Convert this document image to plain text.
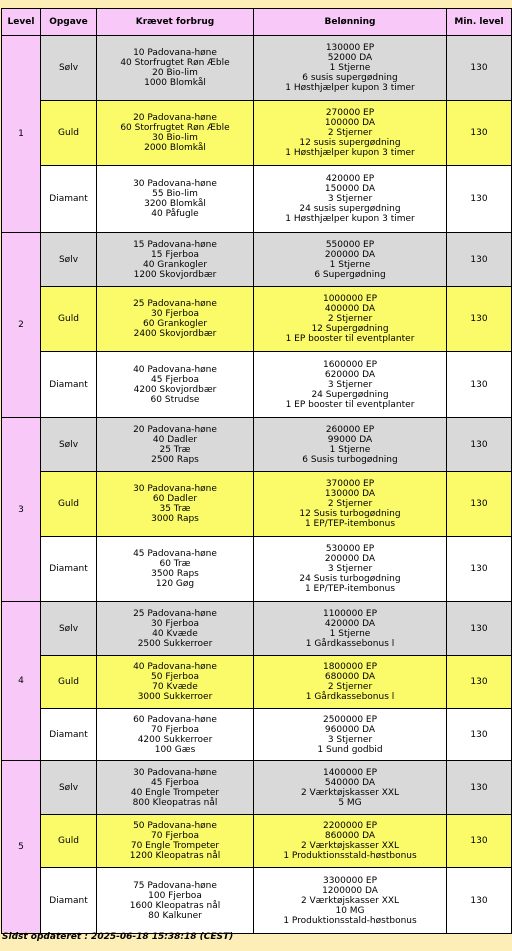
Level	Opgave	Krævet forbrug	Belønning	Min. level
1	Sølv	10 Padovana-høne
40 Storfrugtet Røn Æble
20 Bio-lim
1000 Blomkål	130000 EP
52000 DA
1 Stjerne
6 susis supergødning
1 Høsthjælper kupon 3 timer	130
	Guld	20 Padovana-høne
60 Storfrugtet Røn Æble
30 Bio-lim
2000 Blomkål	270000 EP
100000 DA
2 Stjerner
12 susis supergødning
1 Høsthjælper kupon 3 timer	130
	Diamant	30 Padovana-høne
55 Bio-lim
3200 Blomkål
40 Påfugle	420000 EP
150000 DA
3 Stjerner
24 susis supergødning
1 Høsthjælper kupon 3 timer	130
2	Sølv	15 Padovana-høne
15 Fjerboa
40 Grankogler
1200 Skovjordbær	550000 EP
200000 DA
1 Stjerne
6 Supergødning	130
	Guld	25 Padovana-høne
30 Fjerboa
60 Grankogler
2400 Skovjordbær	1000000 EP
400000 DA
2 Stjerner
12 Supergødning
1 EP booster til eventplanter	130
	Diamant	40 Padovana-høne
45 Fjerboa
4200 Skovjordbær
60 Strudse	1600000 EP
620000 DA
3 Stjerner
24 Supergødning
1 EP booster til eventplanter	130
3	Sølv	20 Padovana-høne
40 Dadler
25 Træ
2500 Raps	260000 EP
99000 DA
1 Stjerne
6 Susis turbogødning	130
	Guld	30 Padovana-høne
60 Dadler
35 Træ
3000 Raps	370000 EP
130000 DA
2 Stjerner
12 Susis turbogødning
1 EP/TEP-itembonus	130
	Diamant	45 Padovana-høne
60 Træ
3500 Raps
120 Gøg	530000 EP
200000 DA
3 Stjerner
24 Susis turbogødning
1 EP/TEP-itembonus	130
4	Sølv	25 Padovana-høne
30 Fjerboa
40 Kvæde
2500 Sukkerroer	1100000 EP
420000 DA
1 Stjerne
1 Gårdkassebonus l	130
	Guld	40 Padovana-høne
50 Fjerboa
70 Kvæde
3000 Sukkerroer	1800000 EP
680000 DA
2 Stjerner
1 Gårdkassebonus l	130
	Diamant	60 Padovana-høne
70 Fjerboa
4200 Sukkerroer
100 Gæs	2500000 EP
960000 DA
3 Stjerner
1 Sund godbid	130
5	Sølv	30 Padovana-høne
45 Fjerboa
40 Engle Trompeter
800 Kleopatras nål	1400000 EP
540000 DA
2 Værktøjskasser XXL
5 MG	130
	Guld	50 Padovana-høne
70 Fjerboa
70 Engle Trompeter
1200 Kleopatras nål	2200000 EP
860000 DA
2 Værktøjskasser XXL
1 Produktionsstald-høstbonus	130
	Diamant	75 Padovana-høne
100 Fjerboa
1600 Kleopatras nål
80 Kalkuner	3300000 EP
1200000 DA
2 Værktøjskasser XXL
10 MG
1 Produktionsstald-høstbonus	130
Sidst opdateret : 2025-06-18 15:38:18 (CEST)
